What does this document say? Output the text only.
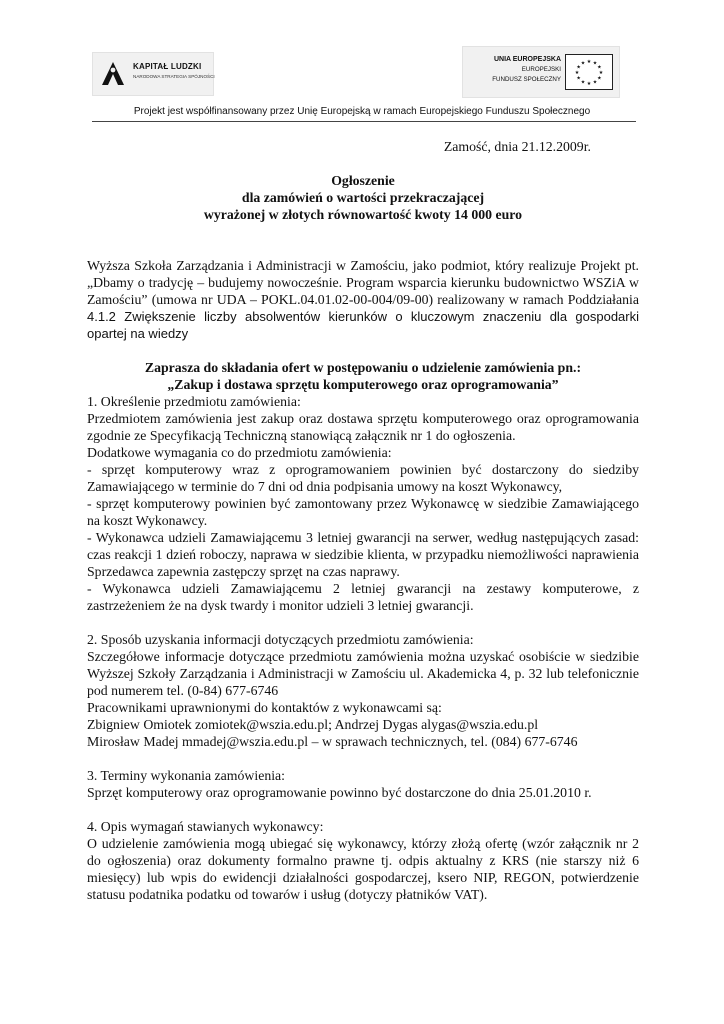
KAPITAŁ LUDZKI
NARODOWA STRATEGIA SPÓJNOŚCI
UNIA EUROPEJSKA
EUROPEJSKI
FUNDUSZ SPOŁECZNY
★ ★
★
★
★
★
★
★
★
★
★
★
Projekt jest współfinansowany przez Unię Europejską w ramach Europejskiego Funduszu Społecznego

Zamość, dnia 21.12.2009r.

Ogłoszenie
dla zamówień o wartości przekraczającej
wyrażonej w złotych równowartość kwoty 14 000 euro

Wyższa Szkoła Zarządzania i Administracji w Zamościu, jako podmiot, który realizuje Projekt pt. „Dbamy o tradycję – budujemy nowocześnie. Program wsparcia kierunku budownictwo WSZiA w Zamościu” (umowa nr UDA – POKL.04.01.02-00-004/09-00) realizowany w ramach Poddziałania 4.1.2 Zwiększenie liczby absolwentów kierunków o kluczowym znaczeniu dla gospodarki opartej na wiedzy

Zaprasza do składania ofert w postępowaniu o udzielenie zamówienia pn.:
„Zakup i dostawa sprzętu komputerowego oraz oprogramowania”

1. Określenie przedmiotu zamówienia:

Przedmiotem zamówienia jest zakup oraz dostawa sprzętu komputerowego oraz oprogramowania zgodnie ze Specyfikacją Techniczną stanowiącą załącznik nr 1 do ogłoszenia.

Dodatkowe wymagania co do przedmiotu zamówienia:

- sprzęt komputerowy wraz z oprogramowaniem powinien być dostarczony do siedziby Zamawiającego w terminie do 7 dni od dnia podpisania umowy na koszt Wykonawcy,

- sprzęt komputerowy powinien być zamontowany przez Wykonawcę w siedzibie Zamawiającego na koszt Wykonawcy.

- Wykonawca udzieli Zamawiającemu 3 letniej gwarancji na serwer, według następujących zasad: czas reakcji 1 dzień roboczy, naprawa w siedzibie klienta, w przypadku niemożliwości naprawienia Sprzedawca zapewnia zastępczy sprzęt na czas naprawy.

- Wykonawca udzieli Zamawiającemu 2 letniej gwarancji na zestawy komputerowe, z zastrzeżeniem że na dysk twardy i monitor udzieli 3 letniej gwarancji.

2. Sposób uzyskania informacji dotyczących przedmiotu zamówienia:

Szczegółowe informacje dotyczące przedmiotu zamówienia można uzyskać osobiście w siedzibie Wyższej Szkoły Zarządzania i Administracji w Zamościu ul. Akademicka 4, p. 32 lub telefonicznie pod numerem tel. (0-84) 677-6746

Pracownikami uprawnionymi do kontaktów z wykonawcami są:

Zbigniew Omiotek zomiotek@wszia.edu.pl; Andrzej Dygas alygas@wszia.edu.pl

Mirosław Madej mmadej@wszia.edu.pl – w sprawach technicznych, tel. (084) 677-6746

3. Terminy wykonania zamówienia:

Sprzęt komputerowy oraz oprogramowanie powinno być dostarczone do dnia 25.01.2010 r.

4. Opis wymagań stawianych wykonawcy:

O udzielenie zamówienia mogą ubiegać się wykonawcy, którzy złożą ofertę (wzór załącznik nr 2 do ogłoszenia) oraz dokumenty formalno prawne tj. odpis aktualny z KRS (nie starszy niż 6 miesięcy) lub wpis do ewidencji działalności gospodarczej, ksero NIP, REGON, potwierdzenie statusu podatnika podatku od towarów i usług (dotyczy płatników VAT).
